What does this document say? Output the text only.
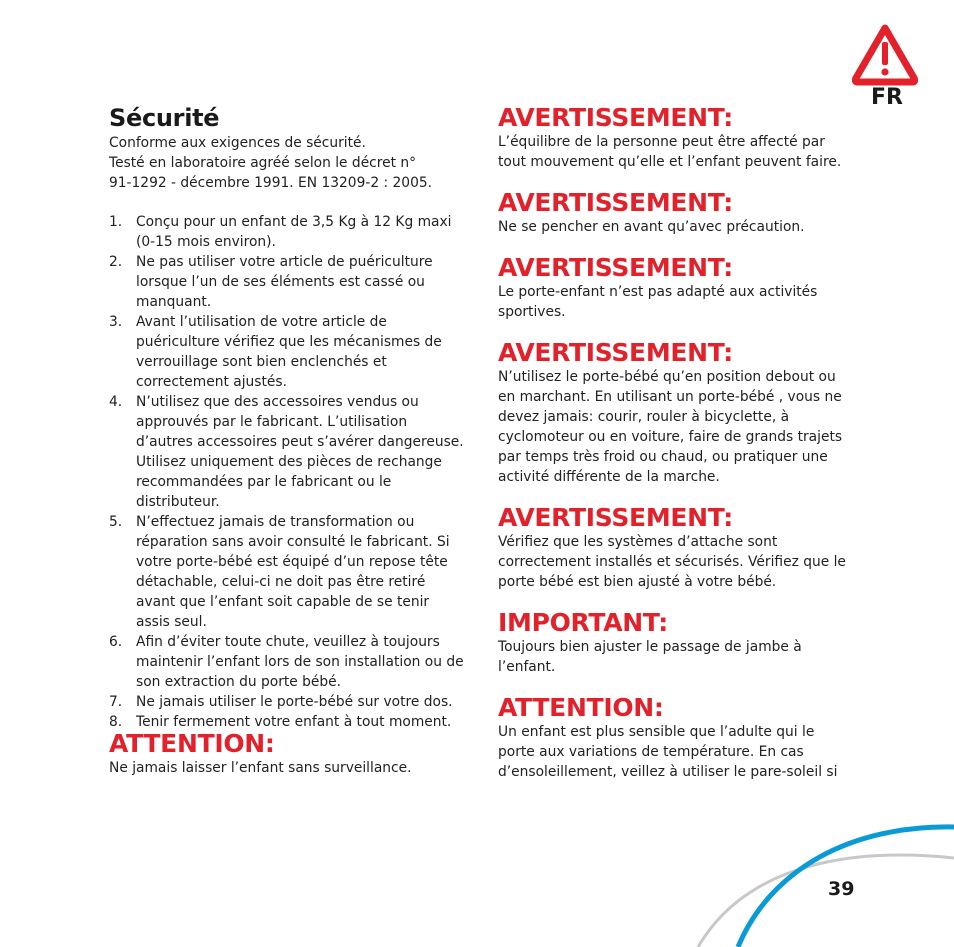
FR

Sécurité

Conforme aux exigences de sécurité.

Testé en laboratoire agréé selon le décret n°

91-1292 - décembre 1991. EN 13209-2 : 2005.

1. Conçu pour un enfant de 3,5 Kg à 12 Kg maxi (0-15 mois environ).
2. Ne pas utiliser votre article de puériculture lorsque l’un de ses éléments est cassé ou manquant.
3. Avant l’utilisation de votre article de puériculture vérifiez que les mécanismes de verrouillage sont bien enclenchés et correctement ajustés.
4. N’utilisez que des accessoires vendus ou approuvés par le fabricant. L’utilisation d’autres accessoires peut s’avérer dangereuse. Utilisez uniquement des pièces de rechange recommandées par le fabricant ou le distributeur.
5. N’effectuez jamais de transformation ou réparation sans avoir consulté le fabricant. Si votre porte-bébé est équipé d’un repose tête détachable, celui-ci ne doit pas être retiré avant que l’enfant soit capable de se tenir assis seul.
6. Afin d’éviter toute chute, veuillez à toujours maintenir l’enfant lors de son installation ou de son extraction du porte bébé.
7. Ne jamais utiliser le porte-bébé sur votre dos.
8. Tenir fermement votre enfant à tout moment.

ATTENTION:

Ne jamais laisser l’enfant sans surveillance.

AVERTISSEMENT:

L’équilibre de la personne peut être affecté par tout mouvement qu’elle et l’enfant peuvent faire.

AVERTISSEMENT:

Ne se pencher en avant qu’avec précaution.

AVERTISSEMENT:

Le porte-enfant n’est pas adapté aux activités sportives.

AVERTISSEMENT:

N’utilisez le porte-bébé qu’en position debout ou en marchant. En utilisant un porte-bébé , vous ne devez jamais: courir, rouler à bicyclette, à cyclomoteur ou en voiture, faire de grands trajets par temps très froid ou chaud, ou pratiquer une activité différente de la marche.

AVERTISSEMENT:

Vérifiez que les systèmes d’attache sont correctement installés et sécurisés. Vérifiez que le porte bébé est bien ajusté à votre bébé.

IMPORTANT:

Toujours bien ajuster le passage de jambe à l’enfant.

ATTENTION:

Un enfant est plus sensible que l’adulte qui le porte aux variations de température. En cas d’ensoleillement, veillez à utiliser le pare-soleil si

39
